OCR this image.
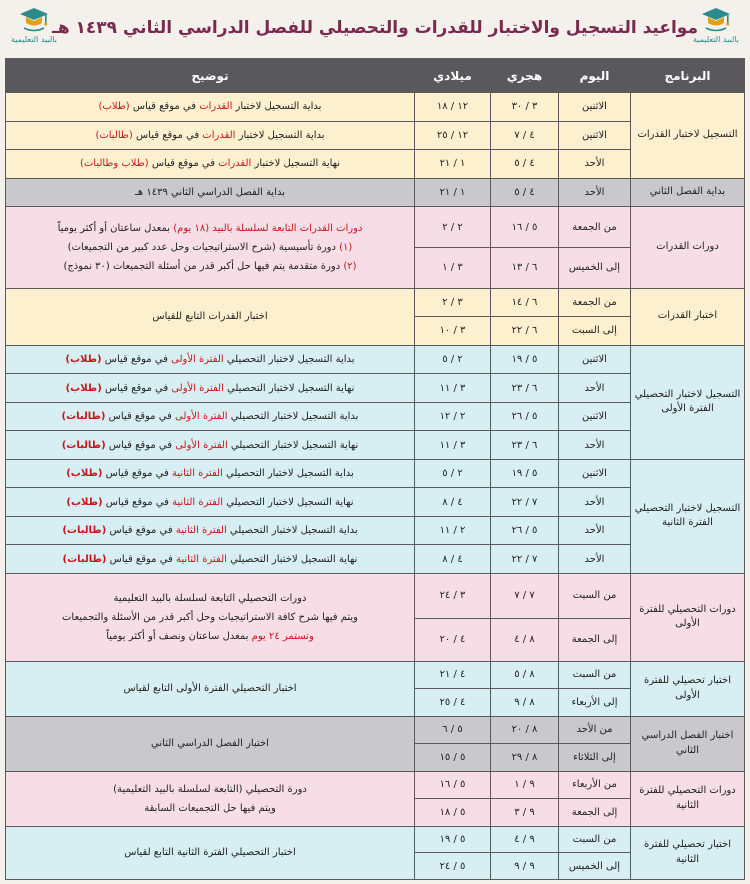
بالبيد التعليمية
مواعيد التسجيل والاختبار للقدرات والتحصيلي للفصل الدراسي الثاني ١٤٣٩ هـ
بالبيد التعليمية
البرنامج	اليوم	هجري	ميلادي	توضيح
التسجيل لاختبار القدرات	الاثنين	٣ / ٣٠	١٢ / ١٨	بداية التسجيل لاختبار القدرات في موقع قياس (طلاب)
	الاثنين	٤ / ٧	١٢ / ٢٥	بداية التسجيل لاختبار القدرات في موقع قياس (طالبات)
	الأحد	٤ / ٥	١ / ٢١	نهاية التسجيل لاختبار القدرات في موقع قياس (طلاب وطالبات)
بداية الفصل الثاني	الأحد	٤ / ٥	١ / ٢١	بداية الفصل الدراسي الثاني ١٤٣٩ هـ
دورات القدرات	من الجمعة	٥ / ١٦	٢ / ٢	دورات القدرات التابعة لسلسلة بالبيد (١٨ يوم) بمعدل ساعتان أو أكثر يومياً
(١) دورة تأسيسية (شرح الاستراتيجيات وحل عدد كبير من التجميعات)
(٢) دورة متقدمة يتم فيها حل أكبر قدر من أسئلة التجميعات (٣٠ نموذج)

	إلى الخميس	٦ / ١٣	٣ / ١	
اختبار القدرات	من الجمعة	٦ / ١٤	٣ / ٢	اختبار القدرات التابع للقياس
	إلى السبت	٦ / ٢٢	٣ / ١٠	
التسجيل لاختبار التحصيلي الفترة الأولى	الاثنين	٥ / ١٩	٢ / ٥	بداية التسجيل لاختبار التحصيلي الفترة الأولى في موقع قياس (طلاب)
	الأحد	٦ / ٢٣	٣ / ١١	نهاية التسجيل لاختبار التحصيلي الفترة الأولى في موقع قياس (طلاب)
	الاثنين	٥ / ٢٦	٢ / ١٢	بداية التسجيل لاختبار التحصيلي الفترة الأولى في موقع قياس (طالبات)
	الأحد	٦ / ٢٣	٣ / ١١	نهاية التسجيل لاختبار التحصيلي الفترة الأولى في موقع قياس (طالبات)
التسجيل لاختبار التحصيلي الفترة الثانية	الاثنين	٥ / ١٩	٢ / ٥	بداية التسجيل لاختبار التحصيلي الفترة الثانية في موقع قياس (طلاب)
	الأحد	٧ / ٢٢	٤ / ٨	نهاية التسجيل لاختبار التحصيلي الفترة الثانية في موقع قياس (طلاب)
	الأحد	٥ / ٢٦	٢ / ١١	بداية التسجيل لاختبار التحصيلي الفترة الثانية في موقع قياس (طالبات)
	الأحد	٧ / ٢٢	٤ / ٨	نهاية التسجيل لاختبار التحصيلي الفترة الثانية في موقع قياس (طالبات)
دورات التحصيلي للفترة الأولى	من السبت	٧ / ٧	٣ / ٢٤	دورات التحصيلي التابعة لسلسلة بالبيد التعليمية
ويتم فيها شرح كافة الاستراتيجيات وحل أكبر قدر من الأسئلة والتجميعات
وتستمر ٢٤ يوم بمعدل ساعتان ونصف أو أكثر يومياً

	إلى الجمعة	٨ / ٤	٤ / ٢٠	
اختبار تحصيلي للفترة الأولى	من السبت	٨ / ٥	٤ / ٢١	اختبار التحصيلي الفترة الأولى التابع لقياس
	إلى الأربعاء	٨ / ٩	٤ / ٢٥	
اختبار الفصل الدراسي الثاني	من الأحد	٨ / ٢٠	٥ / ٦	اختبار الفصل الدراسي الثاني
	إلى الثلاثاء	٨ / ٢٩	٥ / ١٥	
دورات التحصيلي للفترة الثانية	من الأربعاء	٩ / ١	٥ / ١٦	دورة التحصيلي (التابعة لسلسلة بالبيد التعليمية)
ويتم فيها حل التجميعات السابقة

	إلى الجمعة	٩ / ٣	٥ / ١٨	
اختبار تحصيلي للفترة الثانية	من السبت	٩ / ٤	٥ / ١٩	اختبار التحصيلي الفترة الثانية التابع لقياس
	إلى الخميس	٩ / ٩	٥ / ٢٤	
